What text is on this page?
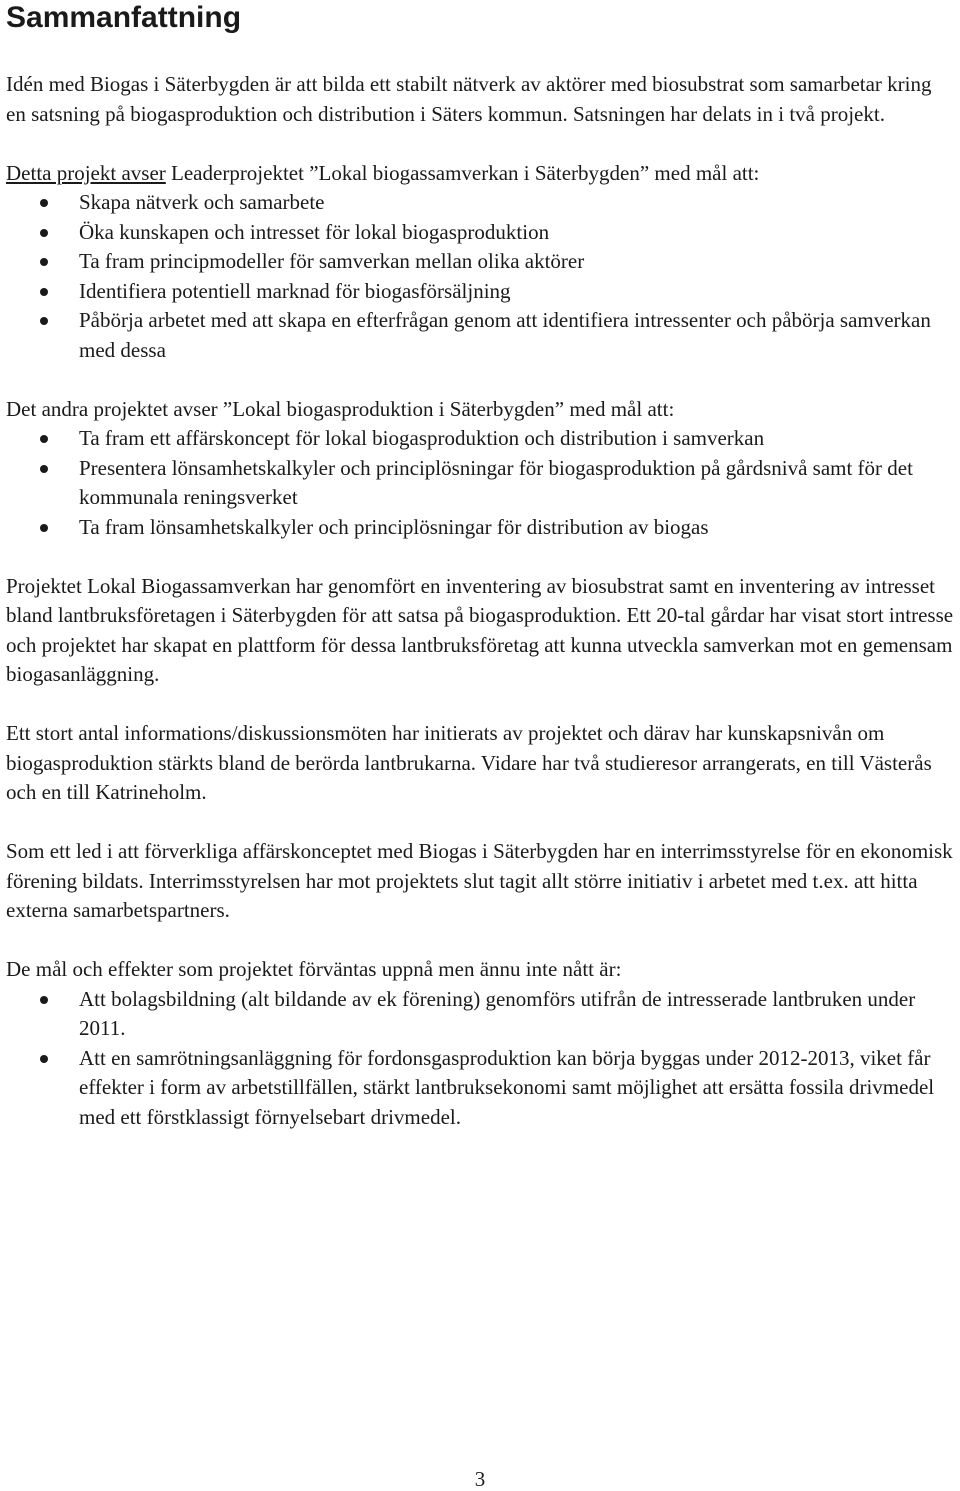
Sammanfattning

Idén med Biogas i Säterbygden är att bilda ett stabilt nätverk av aktörer med biosubstrat som samarbetar kring en satsning på biogasproduktion och distribution i Säters kommun. Satsningen har delats in i två projekt.

Detta projekt avser Leaderprojektet ”Lokal biogassamverkan i Säterbygden” med mål att:

Skapa nätverk och samarbete
Öka kunskapen och intresset för lokal biogasproduktion
Ta fram principmodeller för samverkan mellan olika aktörer
Identifiera potentiell marknad för biogasförsäljning
Påbörja arbetet med att skapa en efterfrågan genom att identifiera intressenter och påbörja samverkan med dessa

Det andra projektet avser ”Lokal biogasproduktion i Säterbygden” med mål att:

Ta fram ett affärskoncept för lokal biogasproduktion och distribution i samverkan
Presentera lönsamhetskalkyler och principlösningar för biogasproduktion på gårdsnivå samt för det kommunala reningsverket
Ta fram lönsamhetskalkyler och principlösningar för distribution av biogas

Projektet Lokal Biogassamverkan har genomfört en inventering av biosubstrat samt en inventering av intresset bland lantbruksföretagen i Säterbygden för att satsa på biogasproduktion. Ett 20-tal gårdar har visat stort intresse och projektet har skapat en plattform för dessa lantbruksföretag att kunna utveckla samverkan mot en gemensam biogasanläggning.

Ett stort antal informations/diskussionsmöten har initierats av projektet och därav har kunskapsnivån om biogasproduktion stärkts bland de berörda lantbrukarna. Vidare har två studieresor arrangerats, en till Västerås och en till Katrineholm.

Som ett led i att förverkliga affärskonceptet med Biogas i Säterbygden har en interrimsstyrelse för en ekonomisk förening bildats. Interrimsstyrelsen har mot projektets slut tagit allt större initiativ i arbetet med t.ex. att hitta externa samarbetspartners.

De mål och effekter som projektet förväntas uppnå men ännu inte nått är:

Att bolagsbildning (alt bildande av ek förening) genomförs utifrån de intresserade lantbruken under 2011.
Att en samrötningsanläggning för fordonsgasproduktion kan börja byggas under 2012-2013, viket får effekter i form av arbetstillfällen, stärkt lantbruksekonomi samt möjlighet att ersätta fossila drivmedel med ett förstklassigt förnyelsebart drivmedel.
3
